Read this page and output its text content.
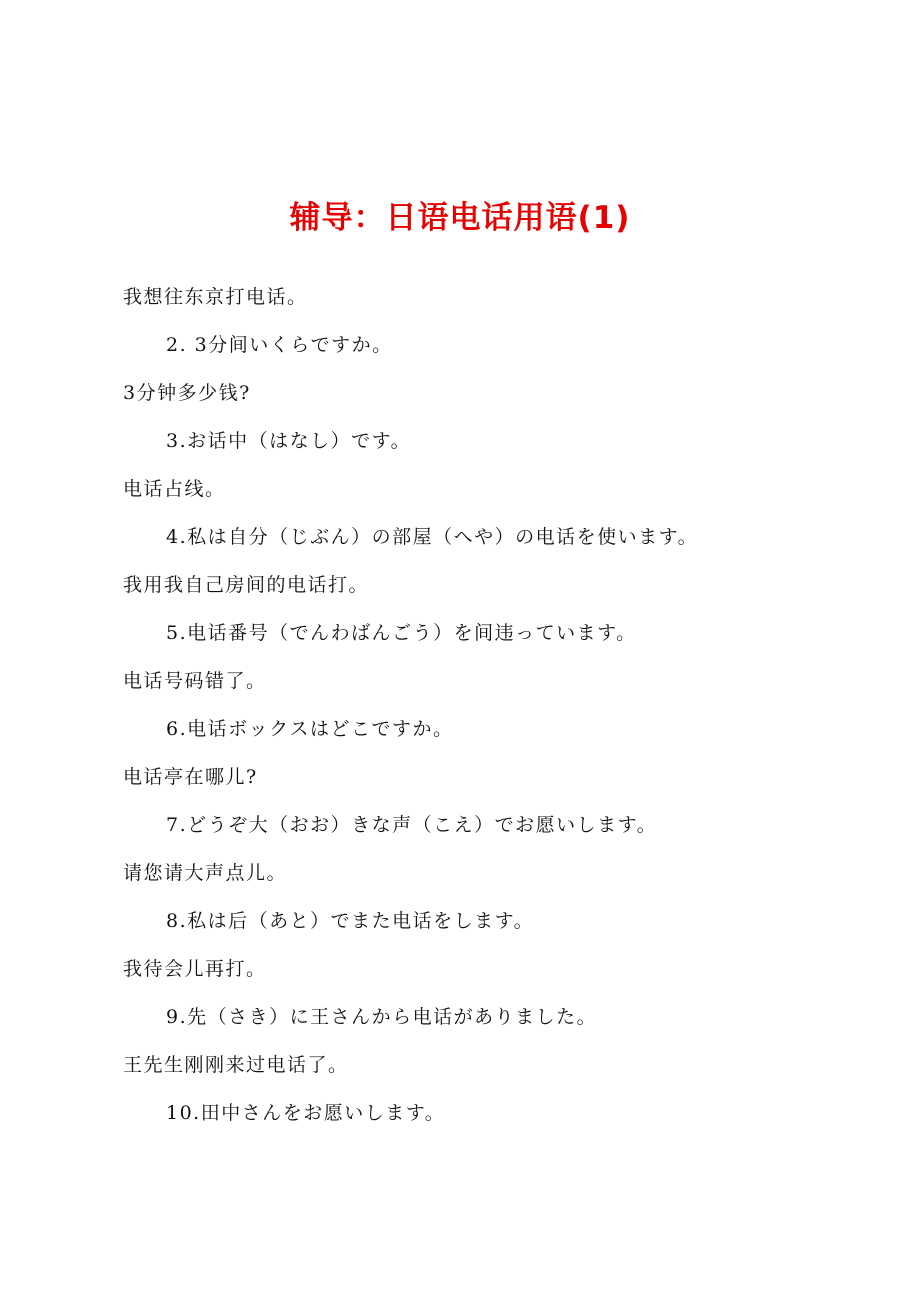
辅导：日语电话用语(1)
我想往东京打电话。
2. 3分间いくらですか。
3分钟多少钱?
3.お话中（はなし）です。
电话占线。
4.私は自分（じぶん）の部屋（へや）の电话を使います。
我用我自己房间的电话打。
5.电话番号（でんわばんごう）を间违っています。
电话号码错了。
6.电话ボックスはどこですか。
电话亭在哪儿?
7.どうぞ大（おお）きな声（こえ）でお愿いします。
请您请大声点儿。
8.私は后（あと）でまた电话をします。
我待会儿再打。
9.先（さき）に王さんから电话がありました。
王先生刚刚来过电话了。
10.田中さんをお愿いします。
